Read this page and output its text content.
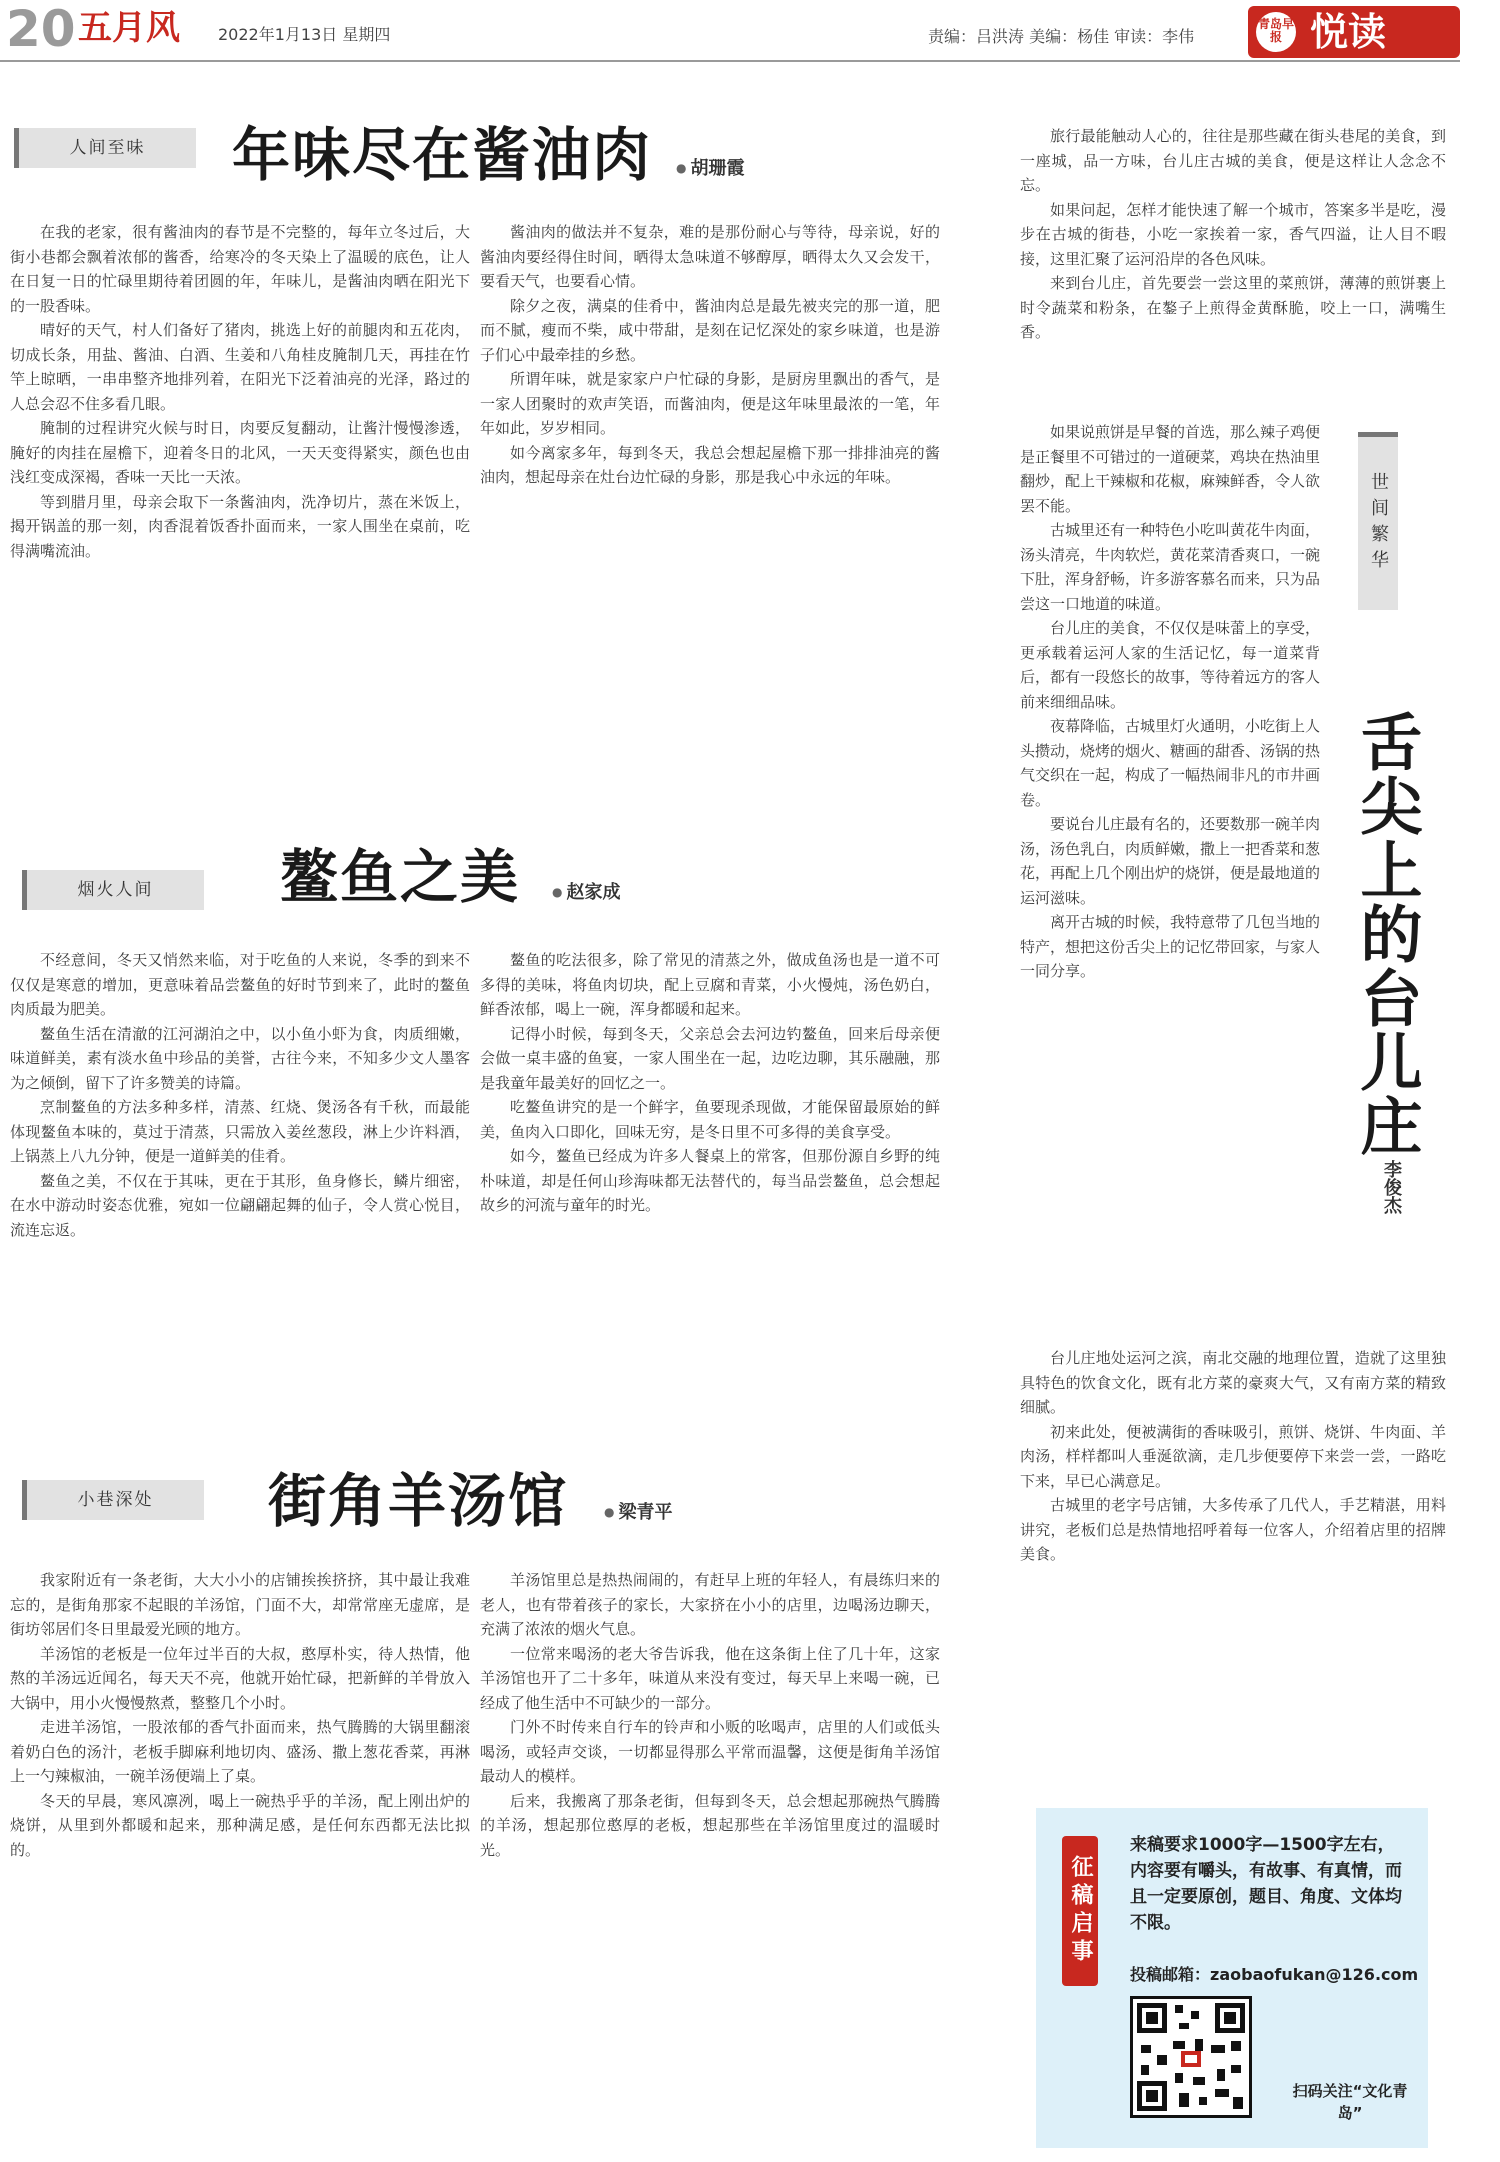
20 五月风 2022年1月13日 星期四	责编：吕洪涛 美编：杨佳 审读：李伟
青岛早报 悦读
人间至味	年味尽在酱油肉	● 胡珊霞

在我的老家，很有酱油肉的春节是不完整的，每年立冬过后，大街小巷都会飘着浓郁的酱香，给寒冷的冬天染上了温暖的底色，让人在日复一日的忙碌里期待着团圆的年，年味儿，是酱油肉晒在阳光下的一股香味。

晴好的天气，村人们备好了猪肉，挑选上好的前腿肉和五花肉，切成长条，用盐、酱油、白酒、生姜和八角桂皮腌制几天，再挂在竹竿上晾晒，一串串整齐地排列着，在阳光下泛着油亮的光泽，路过的人总会忍不住多看几眼。

腌制的过程讲究火候与时日，肉要反复翻动，让酱汁慢慢渗透，腌好的肉挂在屋檐下，迎着冬日的北风，一天天变得紧实，颜色也由浅红变成深褐，香味一天比一天浓。

等到腊月里，母亲会取下一条酱油肉，洗净切片，蒸在米饭上，揭开锅盖的那一刻，肉香混着饭香扑面而来，一家人围坐在桌前，吃得满嘴流油。

酱油肉的做法并不复杂，难的是那份耐心与等待，母亲说，好的酱油肉要经得住时间，晒得太急味道不够醇厚，晒得太久又会发干，要看天气，也要看心情。

除夕之夜，满桌的佳肴中，酱油肉总是最先被夹完的那一道，肥而不腻，瘦而不柴，咸中带甜，是刻在记忆深处的家乡味道，也是游子们心中最牵挂的乡愁。

所谓年味，就是家家户户忙碌的身影，是厨房里飘出的香气，是一家人团聚时的欢声笑语，而酱油肉，便是这年味里最浓的一笔，年年如此，岁岁相同。

如今离家多年，每到冬天，我总会想起屋檐下那一排排油亮的酱油肉，想起母亲在灶台边忙碌的身影，那是我心中永远的年味。

烟火人间	鳌鱼之美	● 赵家成

不经意间，冬天又悄然来临，对于吃鱼的人来说，冬季的到来不仅仅是寒意的增加，更意味着品尝鳌鱼的好时节到来了，此时的鳌鱼肉质最为肥美。

鳌鱼生活在清澈的江河湖泊之中，以小鱼小虾为食，肉质细嫩，味道鲜美，素有淡水鱼中珍品的美誉，古往今来，不知多少文人墨客为之倾倒，留下了许多赞美的诗篇。

烹制鳌鱼的方法多种多样，清蒸、红烧、煲汤各有千秋，而最能体现鳌鱼本味的，莫过于清蒸，只需放入姜丝葱段，淋上少许料酒，上锅蒸上八九分钟，便是一道鲜美的佳肴。

鳌鱼之美，不仅在于其味，更在于其形，鱼身修长，鳞片细密，在水中游动时姿态优雅，宛如一位翩翩起舞的仙子，令人赏心悦目，流连忘返。

鳌鱼的吃法很多，除了常见的清蒸之外，做成鱼汤也是一道不可多得的美味，将鱼肉切块，配上豆腐和青菜，小火慢炖，汤色奶白，鲜香浓郁，喝上一碗，浑身都暖和起来。

记得小时候，每到冬天，父亲总会去河边钓鳌鱼，回来后母亲便会做一桌丰盛的鱼宴，一家人围坐在一起，边吃边聊，其乐融融，那是我童年最美好的回忆之一。

吃鳌鱼讲究的是一个鲜字，鱼要现杀现做，才能保留最原始的鲜美，鱼肉入口即化，回味无穷，是冬日里不可多得的美食享受。

如今，鳌鱼已经成为许多人餐桌上的常客，但那份源自乡野的纯朴味道，却是任何山珍海味都无法替代的，每当品尝鳌鱼，总会想起故乡的河流与童年的时光。

小巷深处	街角羊汤馆	● 梁青平

我家附近有一条老街，大大小小的店铺挨挨挤挤，其中最让我难忘的，是街角那家不起眼的羊汤馆，门面不大，却常常座无虚席，是街坊邻居们冬日里最爱光顾的地方。

羊汤馆的老板是一位年过半百的大叔，憨厚朴实，待人热情，他熬的羊汤远近闻名，每天天不亮，他就开始忙碌，把新鲜的羊骨放入大锅中，用小火慢慢熬煮，整整几个小时。

走进羊汤馆，一股浓郁的香气扑面而来，热气腾腾的大锅里翻滚着奶白色的汤汁，老板手脚麻利地切肉、盛汤、撒上葱花香菜，再淋上一勺辣椒油，一碗羊汤便端上了桌。

冬天的早晨，寒风凛冽，喝上一碗热乎乎的羊汤，配上刚出炉的烧饼，从里到外都暖和起来，那种满足感，是任何东西都无法比拟的。

羊汤馆里总是热热闹闹的，有赶早上班的年轻人，有晨练归来的老人，也有带着孩子的家长，大家挤在小小的店里，边喝汤边聊天，充满了浓浓的烟火气息。

一位常来喝汤的老大爷告诉我，他在这条街上住了几十年，这家羊汤馆也开了二十多年，味道从来没有变过，每天早上来喝一碗，已经成了他生活中不可缺少的一部分。

门外不时传来自行车的铃声和小贩的吆喝声，店里的人们或低头喝汤，或轻声交谈，一切都显得那么平常而温馨，这便是街角羊汤馆最动人的模样。

后来，我搬离了那条老街，但每到冬天，总会想起那碗热气腾腾的羊汤，想起那位憨厚的老板，想起那些在羊汤馆里度过的温暖时光。

旅行最能触动人心的，往往是那些藏在街头巷尾的美食，到一座城，品一方味，台儿庄古城的美食，便是这样让人念念不忘。

如果问起，怎样才能快速了解一个城市，答案多半是吃，漫步在古城的街巷，小吃一家挨着一家，香气四溢，让人目不暇接，这里汇聚了运河沿岸的各色风味。

来到台儿庄，首先要尝一尝这里的菜煎饼，薄薄的煎饼裹上时令蔬菜和粉条，在鏊子上煎得金黄酥脆，咬上一口，满嘴生香。

如果说煎饼是早餐的首选，那么辣子鸡便是正餐里不可错过的一道硬菜，鸡块在热油里翻炒，配上干辣椒和花椒，麻辣鲜香，令人欲罢不能。

古城里还有一种特色小吃叫黄花牛肉面，汤头清亮，牛肉软烂，黄花菜清香爽口，一碗下肚，浑身舒畅，许多游客慕名而来，只为品尝这一口地道的味道。

台儿庄的美食，不仅仅是味蕾上的享受，更承载着运河人家的生活记忆，每一道菜背后，都有一段悠长的故事，等待着远方的客人前来细细品味。

夜幕降临，古城里灯火通明，小吃街上人头攒动，烧烤的烟火、糖画的甜香、汤锅的热气交织在一起，构成了一幅热闹非凡的市井画卷。

要说台儿庄最有名的，还要数那一碗羊肉汤，汤色乳白，肉质鲜嫩，撒上一把香菜和葱花，再配上几个刚出炉的烧饼，便是最地道的运河滋味。

离开古城的时候，我特意带了几包当地的特产，想把这份舌尖上的记忆带回家，与家人一同分享。

台儿庄地处运河之滨，南北交融的地理位置，造就了这里独具特色的饮食文化，既有北方菜的豪爽大气，又有南方菜的精致细腻。

初来此处，便被满街的香味吸引，煎饼、烧饼、牛肉面、羊肉汤，样样都叫人垂涎欲滴，走几步便要停下来尝一尝，一路吃下来，早已心满意足。

古城里的老字号店铺，大多传承了几代人，手艺精湛，用料讲究，老板们总是热情地招呼着每一位客人，介绍着店里的招牌美食。

世间繁华
舌尖上的台儿庄
李俊杰
征稿启事
来稿要求1000字—1500字左右，内容要有嚼头，有故事、有真情，而且一定要原创，题目、角度、文体均不限。
投稿邮箱：zaobaofukan@126.com
扫码关注“文化青岛”
